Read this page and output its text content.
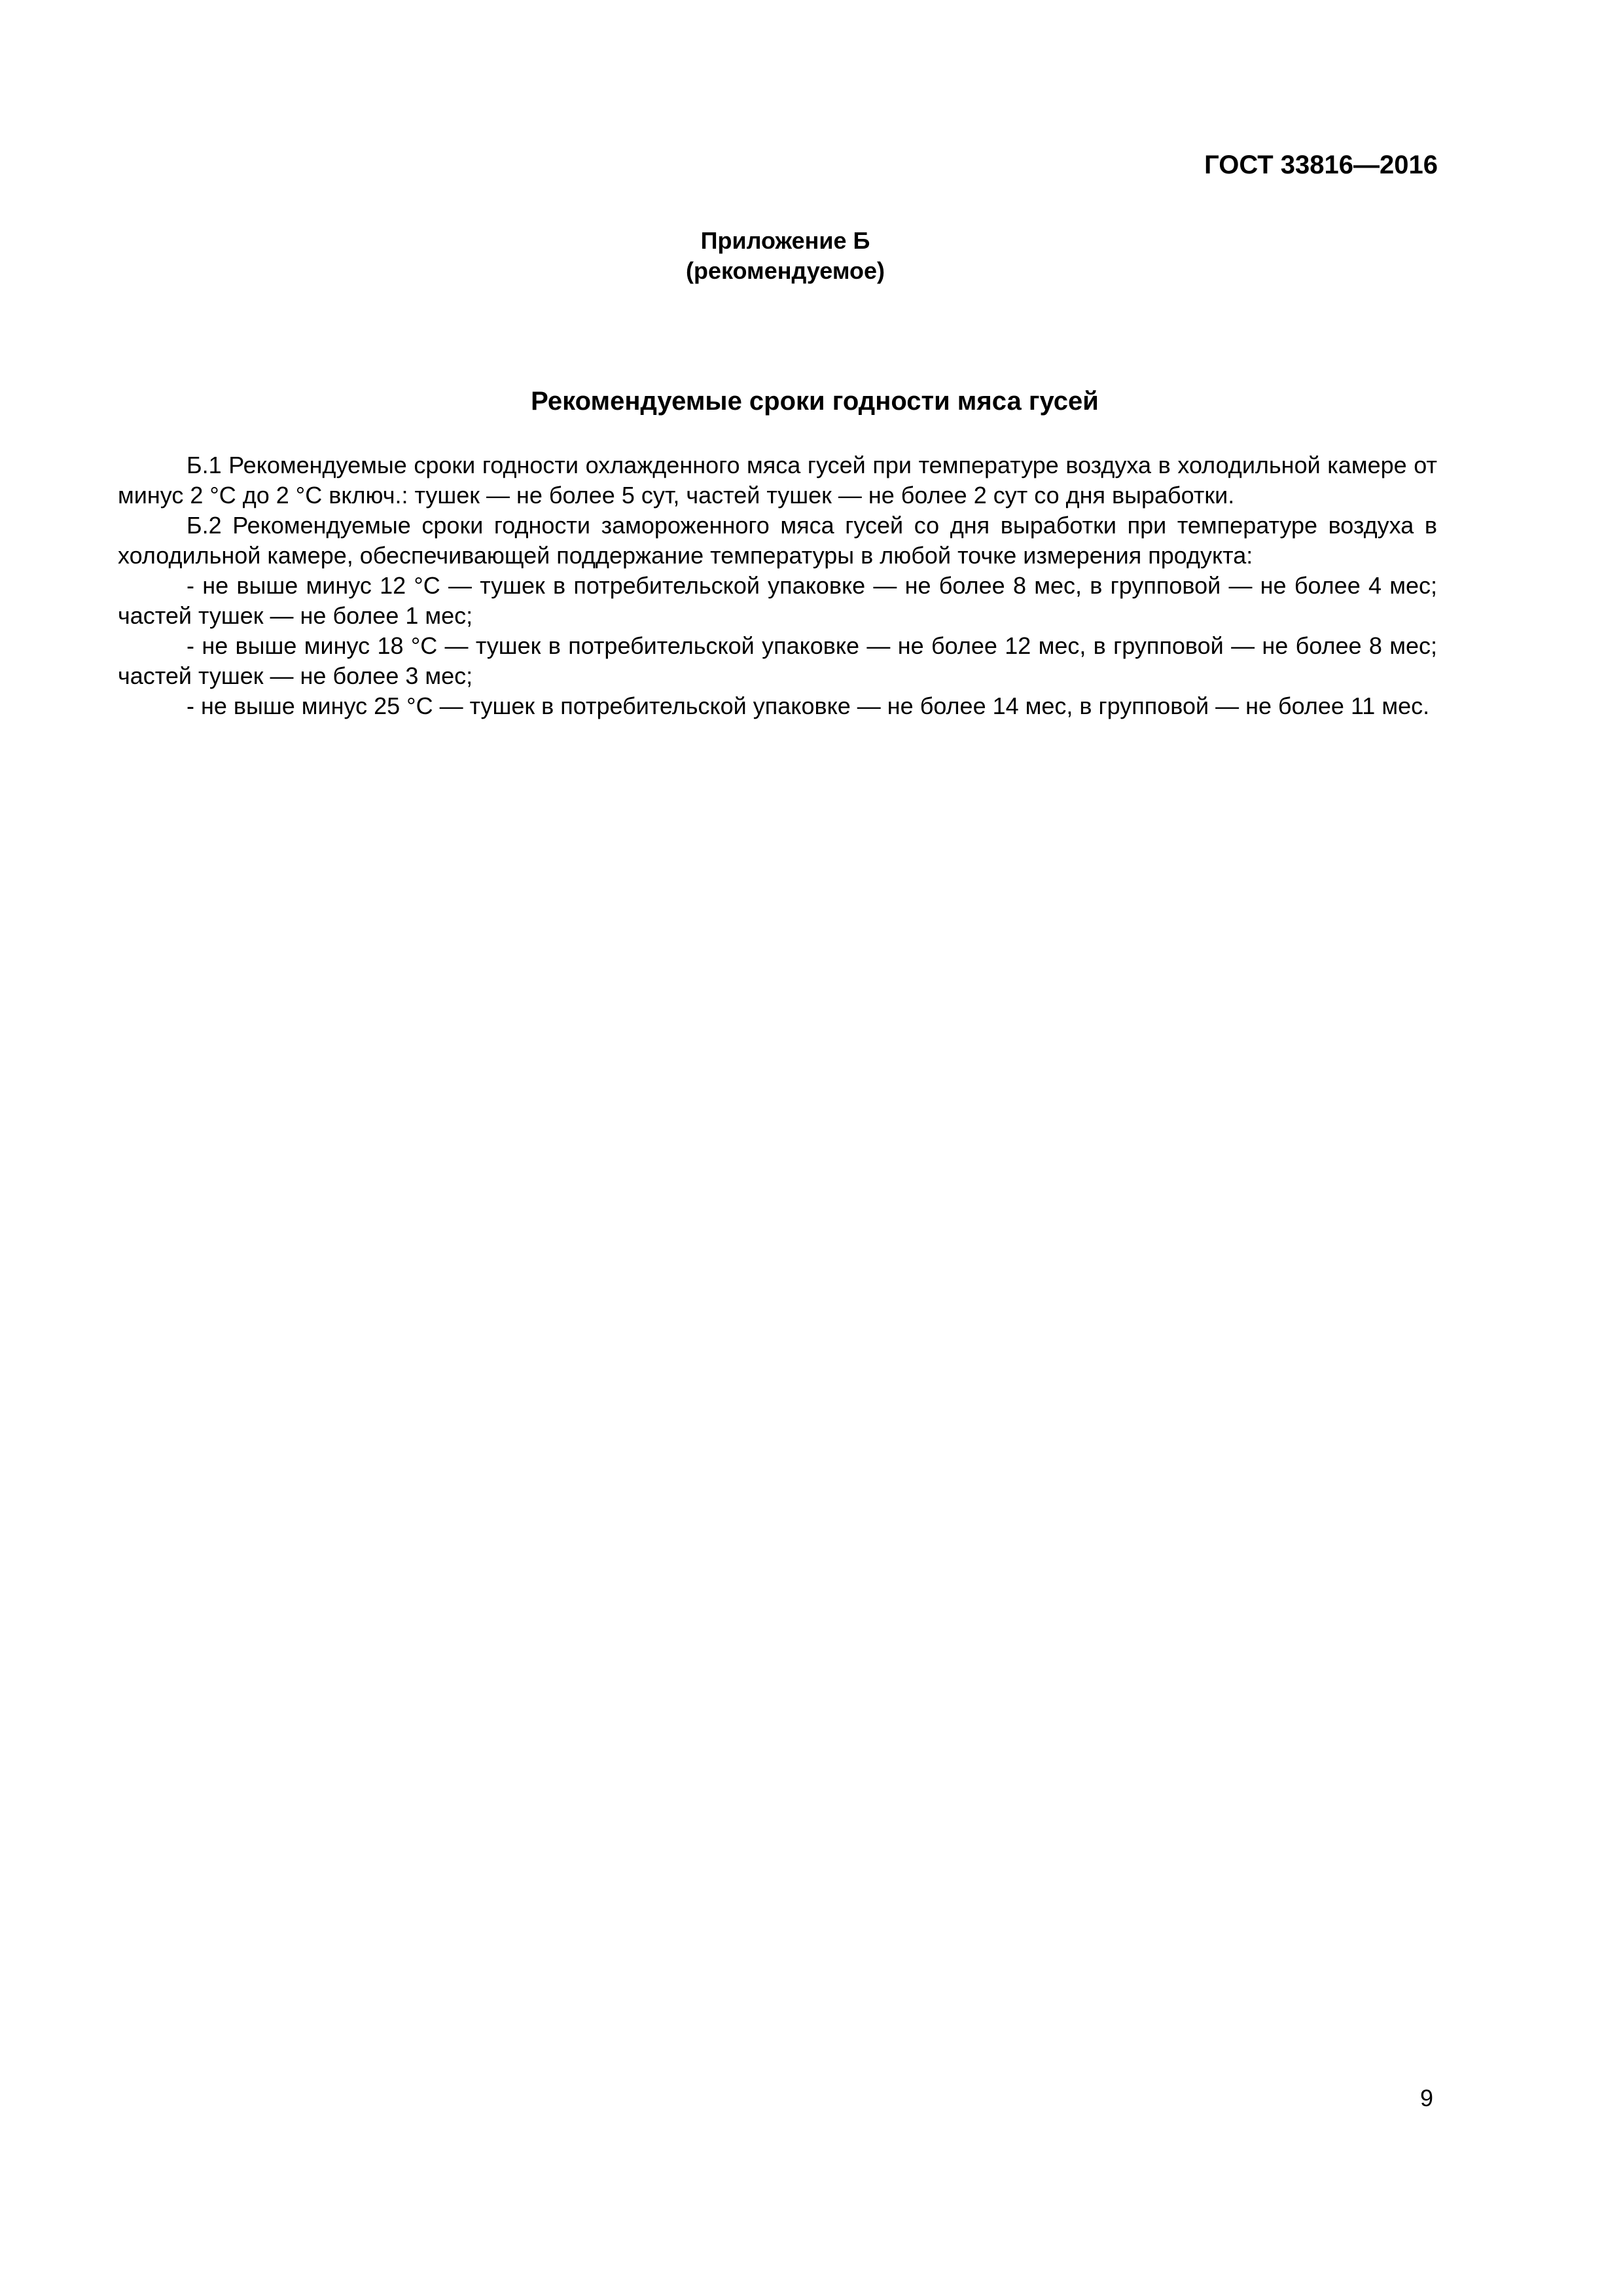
ГОСТ 33816—2016
Приложение Б
(рекомендуемое)
Рекомендуемые сроки годности мяса гусей

Б.1 Рекомендуемые сроки годности охлажденного мяса гусей при температуре воздуха в холодильной камере от минус 2 °С до 2 °С включ.: тушек — не более 5 сут, частей тушек — не более 2 сут со дня выработки.

Б.2 Рекомендуемые сроки годности замороженного мяса гусей со дня выработки при температуре воздуха в холодильной камере, обеспечивающей поддержание температуры в любой точке измерения продукта:

- не выше минус 12 °С — тушек в потребительской упаковке — не более 8 мес, в групповой — не более 4 мес; частей тушек — не более 1 мес;

- не выше минус 18 °С — тушек в потребительской упаковке — не более 12 мес, в групповой — не более 8 мес; частей тушек — не более 3 мес;

- не выше минус 25 °С — тушек в потребительской упаковке — не более 14 мес, в групповой — не более 11 мес.

9
